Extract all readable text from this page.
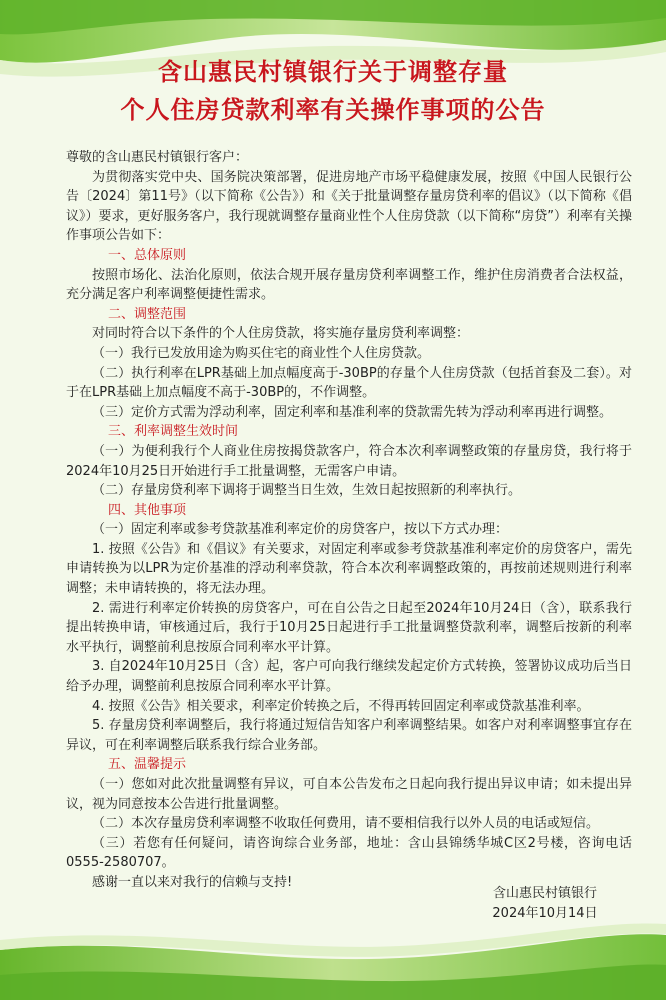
含山惠民村镇银行关于调整存量
个人住房贷款利率有关操作事项的公告

尊敬的含山惠民村镇银行客户：

为贯彻落实党中央、国务院决策部署，促进房地产市场平稳健康发展，按照《中国人民银行公告〔2024〕第11号》（以下简称《公告》）和《关于批量调整存量房贷利率的倡议》（以下简称《倡议》）要求，更好服务客户，我行现就调整存量商业性个人住房贷款（以下简称“房贷”）利率有关操作事项公告如下：

一、总体原则

按照市场化、法治化原则，依法合规开展存量房贷利率调整工作，维护住房消费者合法权益，充分满足客户利率调整便捷性需求。

二、调整范围

对同时符合以下条件的个人住房贷款，将实施存量房贷利率调整：

（一）我行已发放用途为购买住宅的商业性个人住房贷款。

（二）执行利率在LPR基础上加点幅度高于-30BP的存量个人住房贷款（包括首套及二套）。对于在LPR基础上加点幅度不高于-30BP的，不作调整。

（三）定价方式需为浮动利率，固定利率和基准利率的贷款需先转为浮动利率再进行调整。

三、利率调整生效时间

（一）为便利我行个人商业住房按揭贷款客户，符合本次利率调整政策的存量房贷，我行将于2024年10月25日开始进行手工批量调整，无需客户申请。

（二）存量房贷利率下调将于调整当日生效，生效日起按照新的利率执行。

四、其他事项

（一）固定利率或参考贷款基准利率定价的房贷客户，按以下方式办理：

1. 按照《公告》和《倡议》有关要求，对固定利率或参考贷款基准利率定价的房贷客户，需先申请转换为以LPR为定价基准的浮动利率贷款，符合本次利率调整政策的，再按前述规则进行利率调整；未申请转换的，将无法办理。

2. 需进行利率定价转换的房贷客户，可在自公告之日起至2024年10月24日（含），联系我行提出转换申请，审核通过后，我行于10月25日起进行手工批量调整贷款利率，调整后按新的利率水平执行，调整前利息按原合同利率水平计算。

3. 自2024年10月25日（含）起，客户可向我行继续发起定价方式转换，签署协议成功后当日给予办理，调整前利息按原合同利率水平计算。

4. 按照《公告》相关要求，利率定价转换之后，不得再转回固定利率或贷款基准利率。

5. 存量房贷利率调整后，我行将通过短信告知客户利率调整结果。如客户对利率调整事宜存在异议，可在利率调整后联系我行综合业务部。

五、温馨提示

（一）您如对此次批量调整有异议，可自本公告发布之日起向我行提出异议申请；如未提出异议，视为同意按本公告进行批量调整。

（二）本次存量房贷利率调整不收取任何费用，请不要相信我行以外人员的电话或短信。

（三）若您有任何疑问，请咨询综合业务部，地址：含山县锦绣华城C区2号楼，咨询电话0555-2580707。

感谢一直以来对我行的信赖与支持!

含山惠民村镇银行
2024年10月14日
